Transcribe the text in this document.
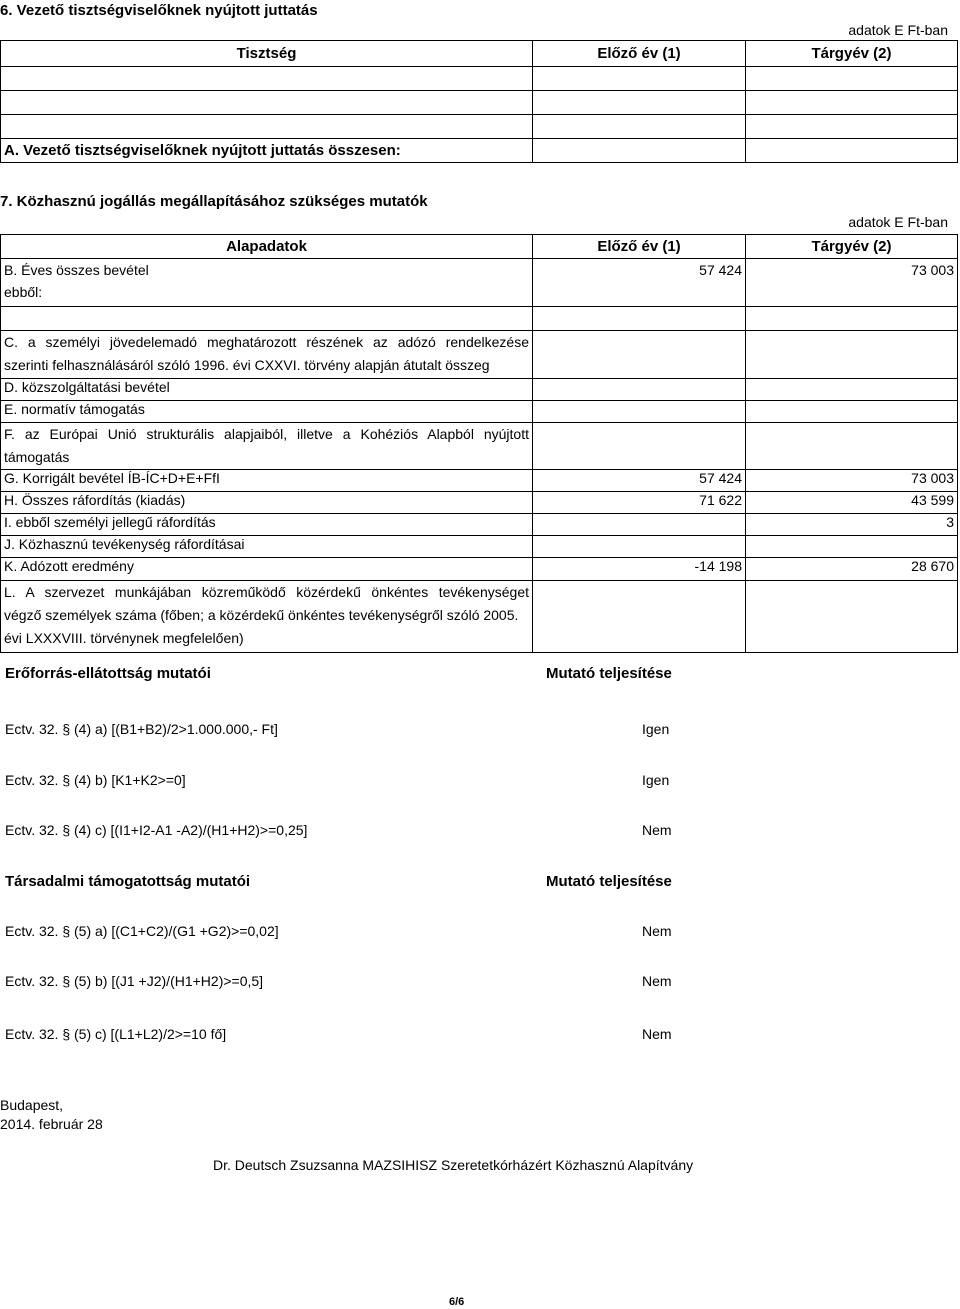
6. Vezető tisztségviselőknek nyújtott juttatás
adatok E Ft-ban
Tisztség	Előző év (1)	Tárgyév (2)

A. Vezető tisztségviselőknek nyújtott juttatás összesen:		
7. Közhasznú jogállás megállapításához szükséges mutatók
adatok E Ft-ban
Alapadatok	Előző év (1)	Tárgyév (2)

B. Éves összes bevétel
ebből:	57 424	73 003

C. a személyi jövedelemadó meghatározott részének az adózó rendelkezése
szerinti felhasználásáról szóló 1996. évi CXXVI. törvény alapján átutalt összeg		

D. közszolgáltatási bevétel		
E. normatív támogatás		

F. az Európai Unió strukturális alapjaiból, illetve a Kohéziós Alapból nyújtott
támogatás		

G. Korrigált bevétel ÍB-ÍC+D+E+FfI	57 424	73 003
H. Összes ráfordítás (kiadás)	71 622	43 599
I. ebből személyi jellegű ráfordítás		3
J. Közhasznú tevékenység ráfordításai		
K. Adózott eredmény	-14 198	28 670

L. A szervezet munkájában közreműködő közérdekű önkéntes tevékenységet
végző személyek száma (főben; a közérdekű önkéntes tevékenységről szóló 2005.
évi LXXXVIII. törvénynek megfelelően)		

Erőforrás-ellátottság mutatói	Mutató teljesítése
Ectv. 32. § (4) a) [(B1+B2)/2>1.000.000,- Ft]	Igen
Ectv. 32. § (4) b) [K1+K2>=0]	Igen
Ectv. 32. § (4) c) [(I1+I2-A1 -A2)/(H1+H2)>=0,25]	Nem
Társadalmi támogatottság mutatói	Mutató teljesítése
Ectv. 32. § (5) a) [(C1+C2)/(G1 +G2)>=0,02]	Nem
Ectv. 32. § (5) b) [(J1 +J2)/(H1+H2)>=0,5]	Nem
Ectv. 32. § (5) c) [(L1+L2)/2>=10 fő]	Nem
Budapest,
2014. február 28
Dr. Deutsch Zsuzsanna MAZSIHISZ Szeretetkórházért Közhasznú Alapítvány
6/6
